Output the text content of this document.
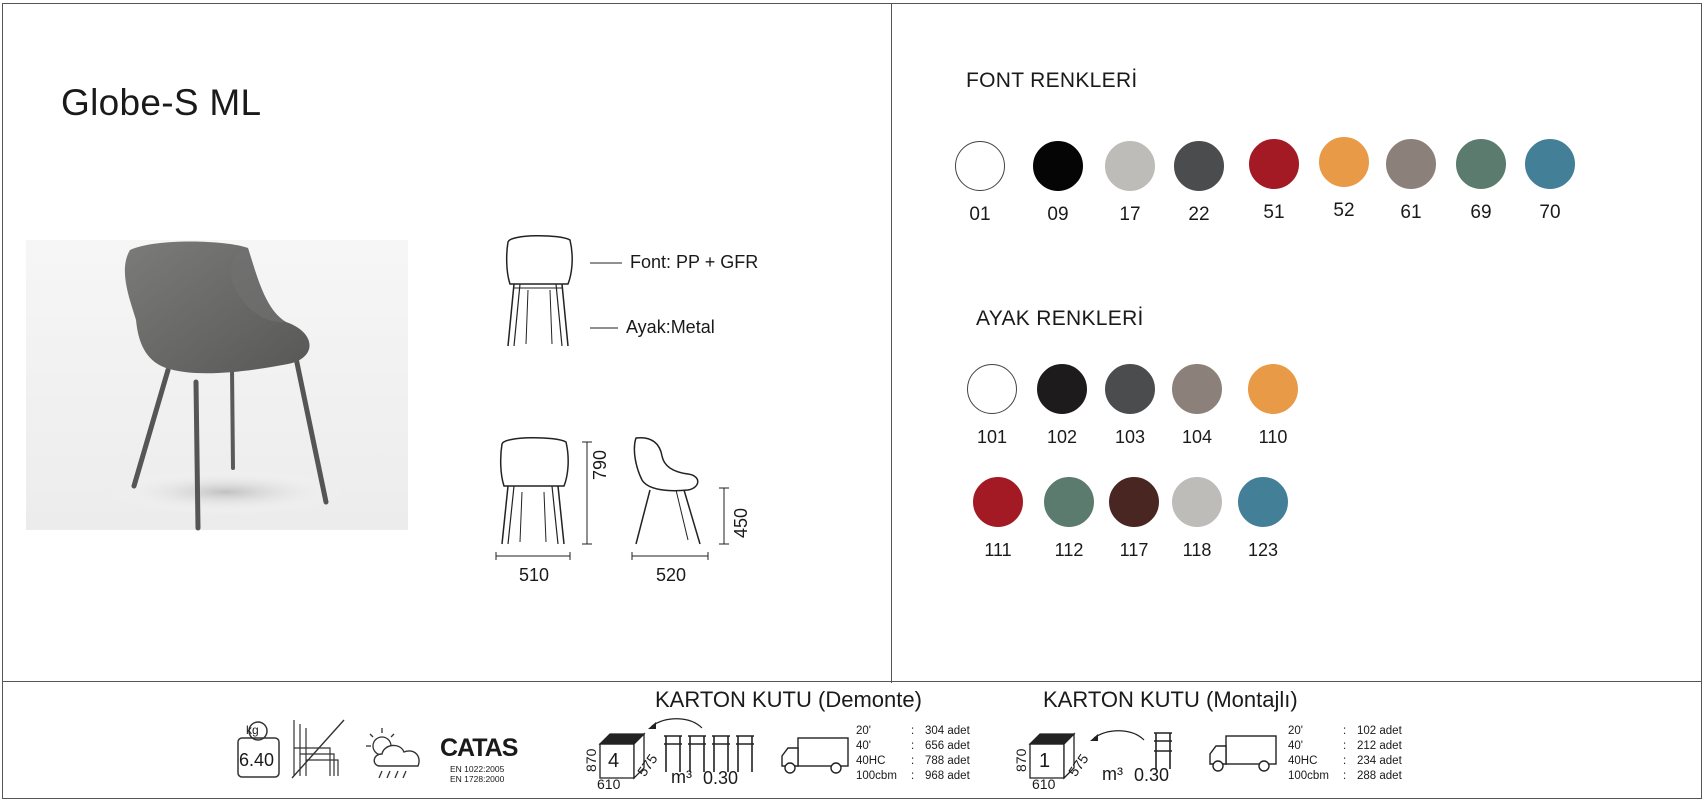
Globe-S ML
Font: PP + GFR
Ayak:Metal
510
790
520
450
FONT RENKLERİ
01	09	17	22	51	52	61	69	70
AYAK RENKLERİ
101	102	103	104	110
111	112	117	118	123
kg
6.40	CATAS
EN 1022:2005
EN 1728:2000
KARTON KUTU (Demonte)
4
870
610
575 m³ 0.30
20'	: 304 adet
40'	: 656 adet
40HC	: 788 adet
100cbm	: 968 adet
KARTON KUTU (Montajlı)
1
870
610
575 m³ 0.30
20'	: 102 adet
40'	: 212 adet
40HC	: 234 adet
100cbm	: 288 adet
